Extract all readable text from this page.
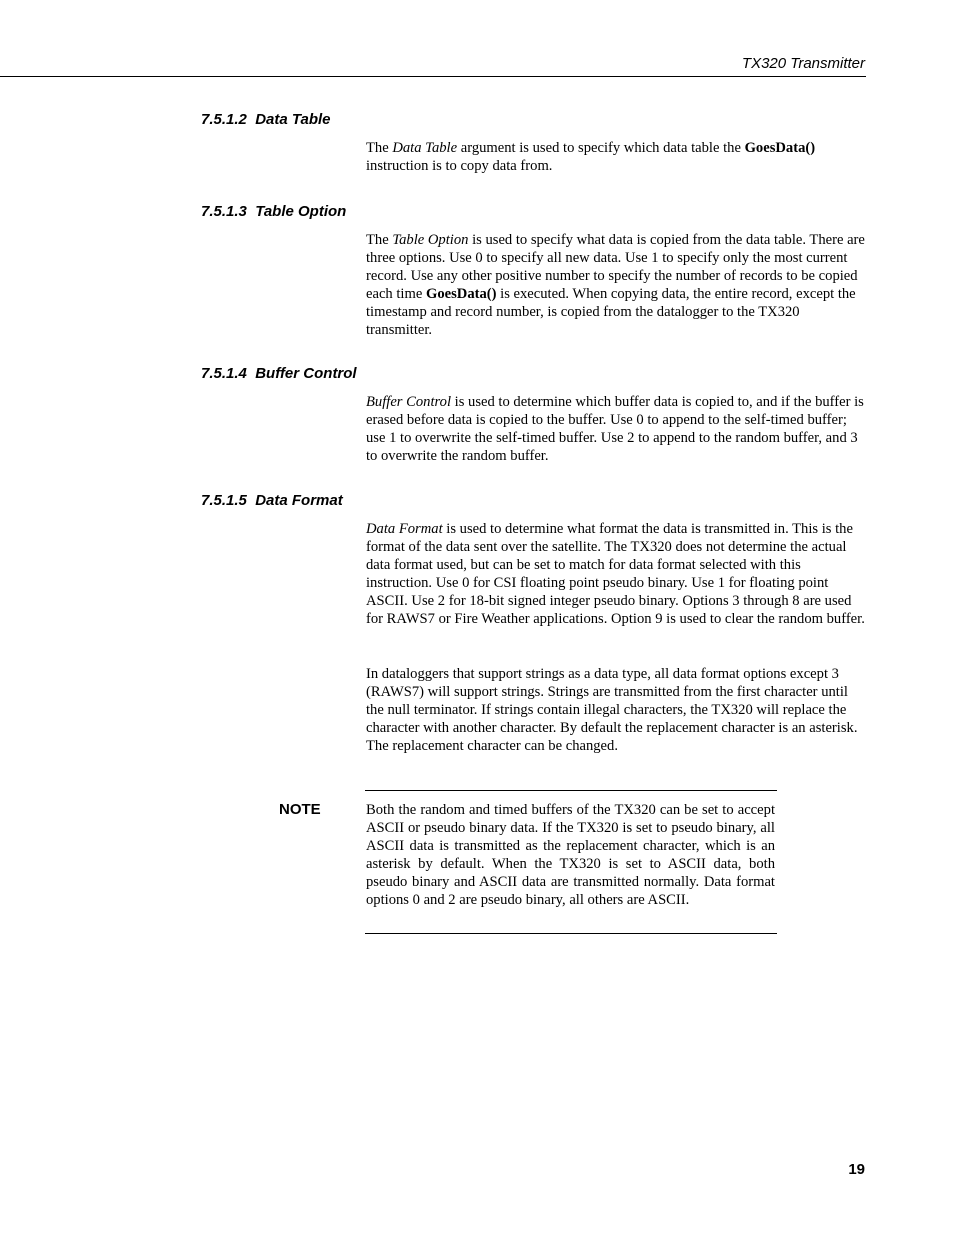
TX320 Transmitter
7.5.1.2 Data Table

The Data Table argument is used to specify which data table the GoesData() instruction is to copy data from.

7.5.1.3 Table Option

The Table Option is used to specify what data is copied from the data table. There are three options. Use 0 to specify all new data. Use 1 to specify only the most current record. Use any other positive number to specify the number of records to be copied each time GoesData() is executed. When copying data, the entire record, except the timestamp and record number, is copied from the datalogger to the TX320 transmitter.

7.5.1.4 Buffer Control

Buffer Control is used to determine which buffer data is copied to, and if the buffer is erased before data is copied to the buffer. Use 0 to append to the self-timed buffer; use 1 to overwrite the self-timed buffer. Use 2 to append to the random buffer, and 3 to overwrite the random buffer.

7.5.1.5 Data Format

Data Format is used to determine what format the data is transmitted in. This is the format of the data sent over the satellite. The TX320 does not determine the actual data format used, but can be set to match for data format selected with this instruction. Use 0 for CSI floating point pseudo binary. Use 1 for floating point ASCII. Use 2 for 18-bit signed integer pseudo binary. Options 3 through 8 are used for RAWS7 or Fire Weather applications. Option 9 is used to clear the random buffer.

In dataloggers that support strings as a data type, all data format options except 3 (RAWS7) will support strings. Strings are transmitted from the first character until the null terminator. If strings contain illegal characters, the TX320 will replace the character with another character. By default the replacement character is an asterisk. The replacement character can be changed.

NOTE	Both the random and timed buffers of the TX320 can be set to accept ASCII or pseudo binary data. If the TX320 is set to pseudo binary, all ASCII data is transmitted as the replacement character, which is an asterisk by default. When the TX320 is set to ASCII data, both pseudo binary and ASCII data are transmitted normally. Data format options 0 and 2 are pseudo binary, all others are ASCII.
19
